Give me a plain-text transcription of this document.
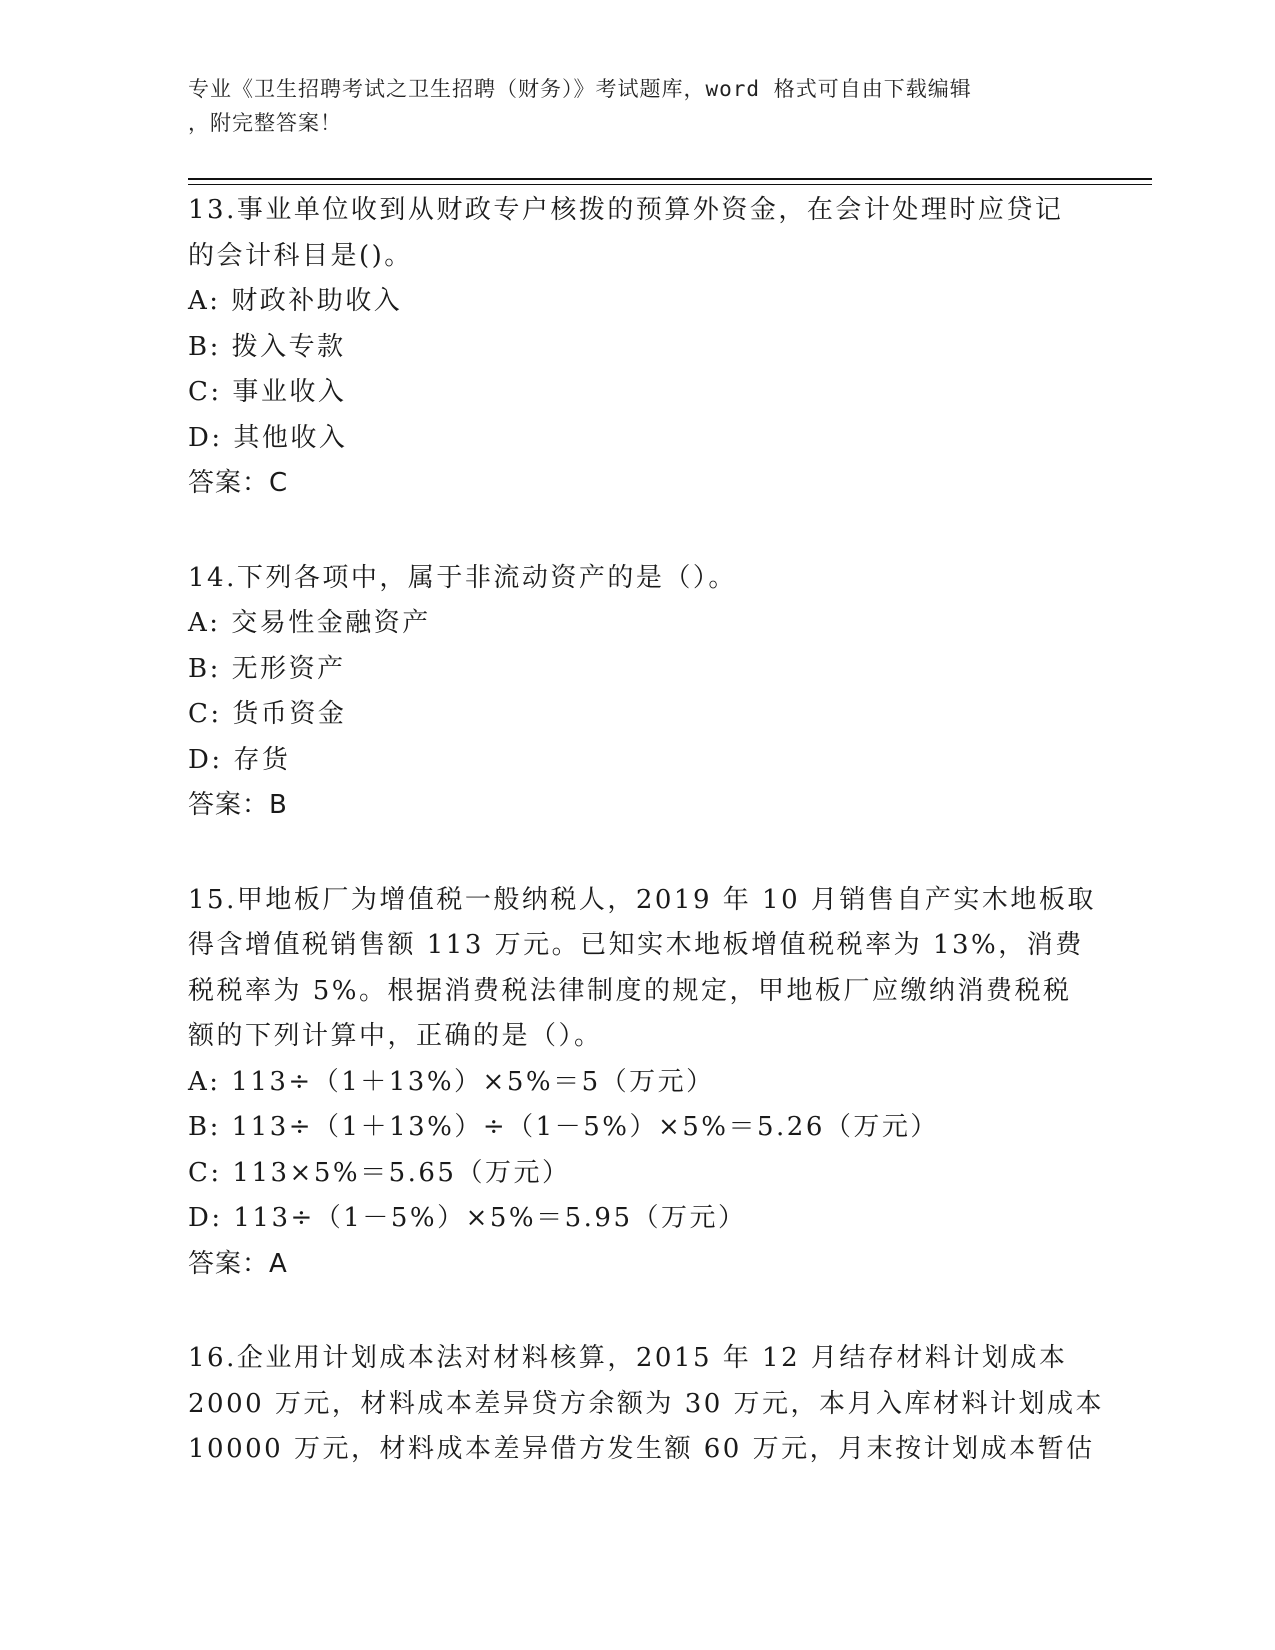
专业《卫生招聘考试之卫生招聘（财务）》考试题库，word 格式可自由下载编辑
，附完整答案！
13.事业单位收到从财政专户核拨的预算外资金，在会计处理时应贷记
的会计科目是()。
A: 财政补助收入
B: 拨入专款
C: 事业收入
D: 其他收入
答案：C
14.下列各项中，属于非流动资产的是（）。
A: 交易性金融资产
B: 无形资产
C: 货币资金
D: 存货
答案：B
15.甲地板厂为增值税一般纳税人，2019 年 10 月销售自产实木地板取
得含增值税销售额 113 万元。已知实木地板增值税税率为 13%，消费
税税率为 5%。根据消费税法律制度的规定，甲地板厂应缴纳消费税税
额的下列计算中，正确的是（）。
A: 113÷（1＋13%）×5%＝5（万元）
B: 113÷（1＋13%）÷（1－5%）×5%＝5.26（万元）
C: 113×5%＝5.65（万元）
D: 113÷（1－5%）×5%＝5.95（万元）
答案：A
16.企业用计划成本法对材料核算，2015 年 12 月结存材料计划成本
2000 万元，材料成本差异贷方余额为 30 万元，本月入库材料计划成本
10000 万元，材料成本差异借方发生额 60 万元，月末按计划成本暂估
